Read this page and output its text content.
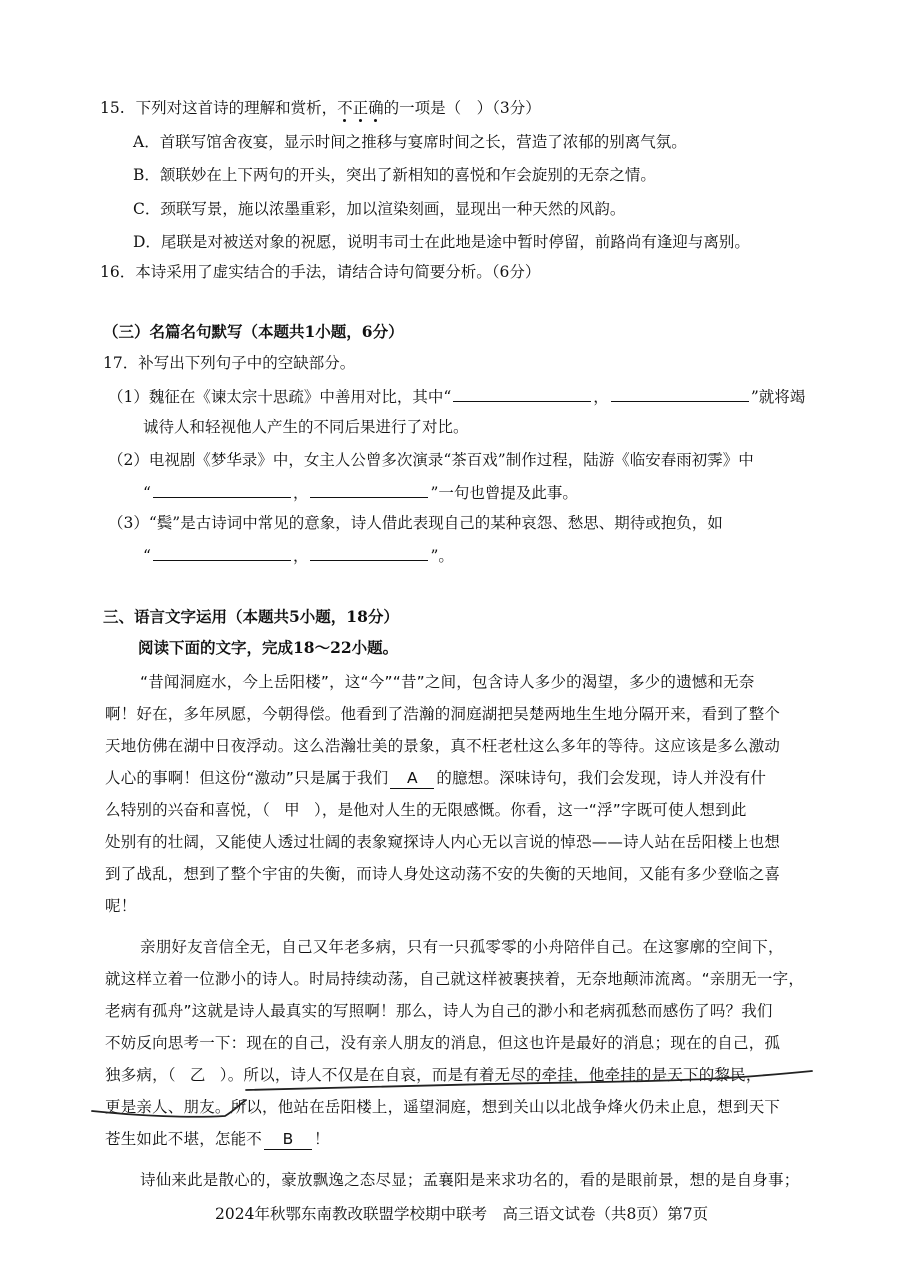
15. 下列对这首诗的理解和赏析，不正确的一项是（　）（3分）
A．首联写馆舍夜宴，显示时间之推移与宴席时间之长，营造了浓郁的别离气氛。
B．颔联妙在上下两句的开头，突出了新相知的喜悦和乍会旋别的无奈之情。
C．颈联写景，施以浓墨重彩，加以渲染刻画，显现出一种天然的风韵。
D．尾联是对被送对象的祝愿，说明韦司士在此地是途中暂时停留，前路尚有逢迎与离别。
16．本诗采用了虚实结合的手法，请结合诗句简要分析。（6分）
（三）名篇名句默写（本题共1小题，6分）
17．补写出下列句子中的空缺部分。
（1）魏征在《谏太宗十思疏》中善用对比，其中“	，	”就将竭
诚待人和轻视他人产生的不同后果进行了对比。
（2）电视剧《梦华录》中，女主人公曾多次演录“茶百戏”制作过程，陆游《临安春雨初霁》中
“	，	”一句也曾提及此事。
（3）“鬓”是古诗词中常见的意象，诗人借此表现自己的某种哀怨、愁思、期待或抱负，如
“	，	”。
三、语言文字运用（本题共5小题，18分）
阅读下面的文字，完成18～22小题。
“昔闻洞庭水，今上岳阳楼”，这“今”“昔”之间，包含诗人多少的渴望，多少的遗憾和无奈
啊！好在，多年夙愿，今朝得偿。他看到了浩瀚的洞庭湖把吴楚两地生生地分隔开来，看到了整个
天地仿佛在湖中日夜浮动。这么浩瀚壮美的景象，真不枉老杜这么多年的等待。这应该是多么激动
人心的事啊！但这份“激动”只是属于我们 A 的臆想。深味诗句，我们会发现，诗人并没有什
么特别的兴奋和喜悦，（ 甲 ），是他对人生的无限感慨。你看，这一“浮”字既可使人想到此
处别有的壮阔，又能使人透过壮阔的表象窥探诗人内心无以言说的悼恐——诗人站在岳阳楼上也想
到了战乱，想到了整个宇宙的失衡，而诗人身处这动荡不安的失衡的天地间，又能有多少登临之喜
呢！
亲朋好友音信全无，自己又年老多病，只有一只孤零零的小舟陪伴自己。在这寥廓的空间下，
就这样立着一位渺小的诗人。时局持续动荡，自己就这样被裹挟着，无奈地颠沛流离。“亲朋无一字，
老病有孤舟”这就是诗人最真实的写照啊！那么，诗人为自己的渺小和老病孤愁而感伤了吗？我们
不妨反向思考一下：现在的自己，没有亲人朋友的消息，但这也许是最好的消息；现在的自己，孤
独多病，（ 乙 ）。所以，诗人不仅是在自哀，而是有着无尽的牵挂，他牵挂的是天下的黎民，
更是亲人、朋友。所以，他站在岳阳楼上，遥望洞庭，想到关山以北战争烽火仍未止息，想到天下
苍生如此不堪，怎能不 B ！
诗仙来此是散心的，豪放飘逸之态尽显；孟襄阳是来求功名的，看的是眼前景，想的是自身事；
2024年秋鄂东南教改联盟学校期中联考　高三语文试卷（共8页）第7页
